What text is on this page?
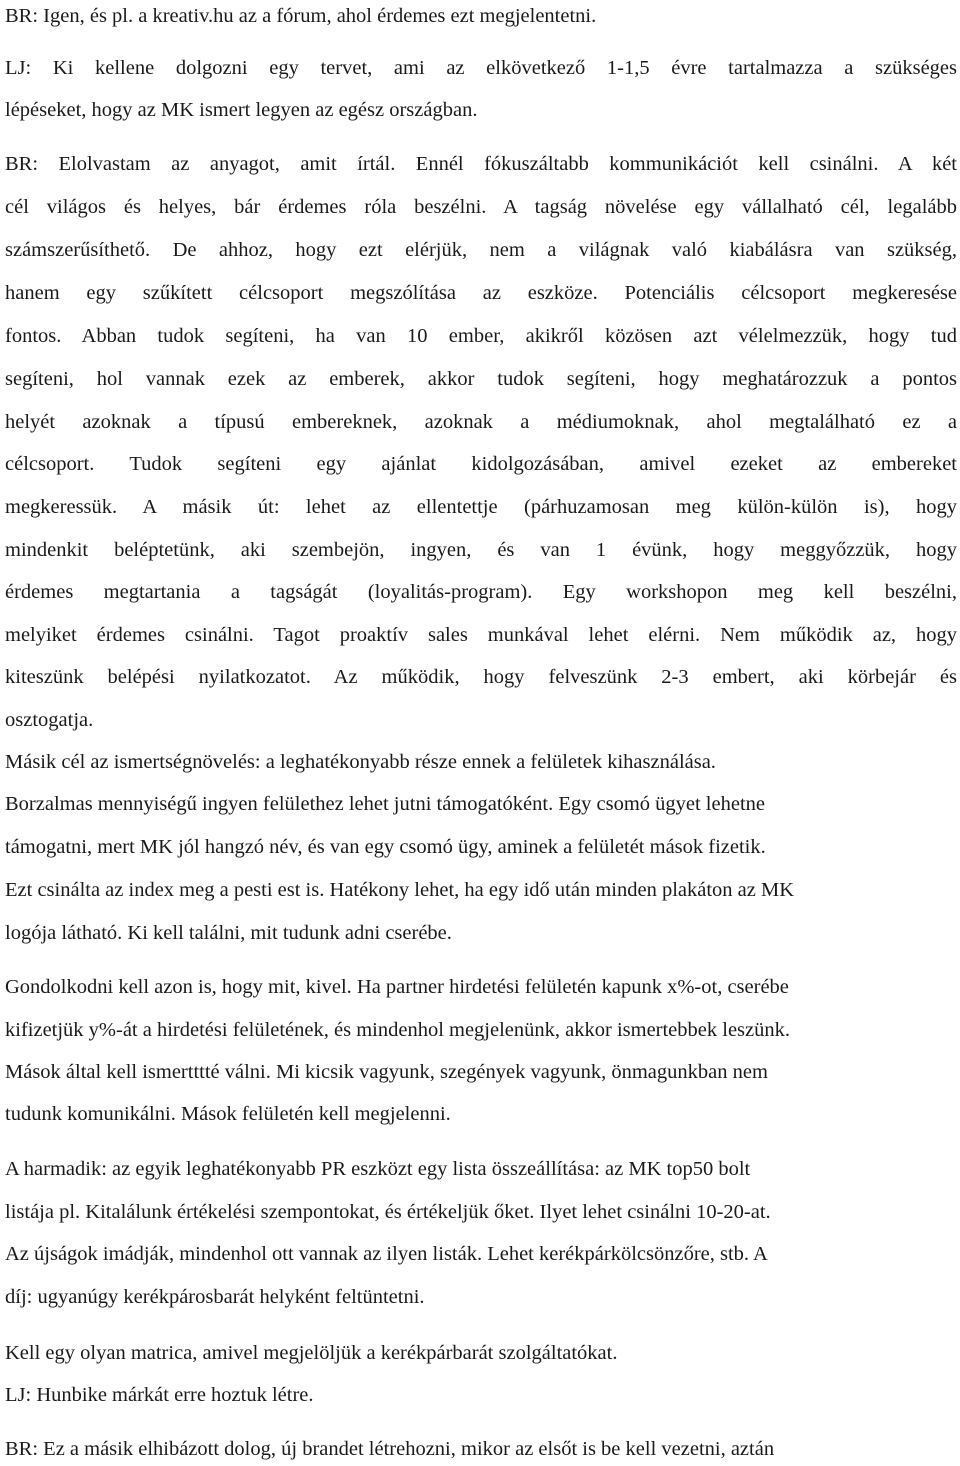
BR: Igen, és pl. a kreativ.hu az a fórum, ahol érdemes ezt megjelentetni.
LJ: Ki kellene dolgozni egy tervet, ami az elkövetkező 1-1,5 évre tartalmazza a szükséges
lépéseket, hogy az MK ismert legyen az egész országban.
BR: Elolvastam az anyagot, amit írtál. Ennél fókuszáltabb kommunikációt kell csinálni. A két
cél világos és helyes, bár érdemes róla beszélni. A tagság növelése egy vállalható cél, legalább
számszerűsíthető. De ahhoz, hogy ezt elérjük, nem a világnak való kiabálásra van szükség,
hanem egy szűkített célcsoport megszólítása az eszköze. Potenciális célcsoport megkeresése
fontos. Abban tudok segíteni, ha van 10 ember, akikről közösen azt vélelmezzük, hogy tud
segíteni, hol vannak ezek az emberek, akkor tudok segíteni, hogy meghatározzuk a pontos
helyét azoknak a típusú embereknek, azoknak a médiumoknak, ahol megtalálható ez a
célcsoport. Tudok segíteni egy ajánlat kidolgozásában, amivel ezeket az embereket
megkeressük. A másik út: lehet az ellentettje (párhuzamosan meg külön-külön is), hogy
mindenkit beléptetünk, aki szembejön, ingyen, és van 1 évünk, hogy meggyőzzük, hogy
érdemes megtartania a tagságát (loyalitás-program). Egy workshopon meg kell beszélni,
melyiket érdemes csinálni. Tagot proaktív sales munkával lehet elérni. Nem működik az, hogy
kiteszünk belépési nyilatkozatot. Az működik, hogy felveszünk 2-3 embert, aki körbejár és
osztogatja.
Másik cél az ismertségnövelés: a leghatékonyabb része ennek a felületek kihasználása.
Borzalmas mennyiségű ingyen felülethez lehet jutni támogatóként. Egy csomó ügyet lehetne
támogatni, mert MK jól hangzó név, és van egy csomó ügy, aminek a felületét mások fizetik.
Ezt csinálta az index meg a pesti est is. Hatékony lehet, ha egy idő után minden plakáton az MK
logója látható. Ki kell találni, mit tudunk adni cserébe.
Gondolkodni kell azon is, hogy mit, kivel. Ha partner hirdetési felületén kapunk x%-ot, cserébe
kifizetjük y%-át a hirdetési felületének, és mindenhol megjelenünk, akkor ismertebbek leszünk.
Mások által kell ismertttté válni. Mi kicsik vagyunk, szegények vagyunk, önmagunkban nem
tudunk komunikálni. Mások felületén kell megjelenni.
A harmadik: az egyik leghatékonyabb PR eszközt egy lista összeállítása: az MK top50 bolt
listája pl. Kitalálunk értékelési szempontokat, és értékeljük őket. Ilyet lehet csinálni 10-20-at.
Az újságok imádják, mindenhol ott vannak az ilyen listák. Lehet kerékpárkölcsönzőre, stb. A
díj: ugyanúgy kerékpárosbarát helyként feltüntetni.
Kell egy olyan matrica, amivel megjelöljük a kerékpárbarát szolgáltatókat.
LJ: Hunbike márkát erre hoztuk létre.
BR: Ez a másik elhibázott dolog, új brandet létrehozni, mikor az elsőt is be kell vezetni, aztán
